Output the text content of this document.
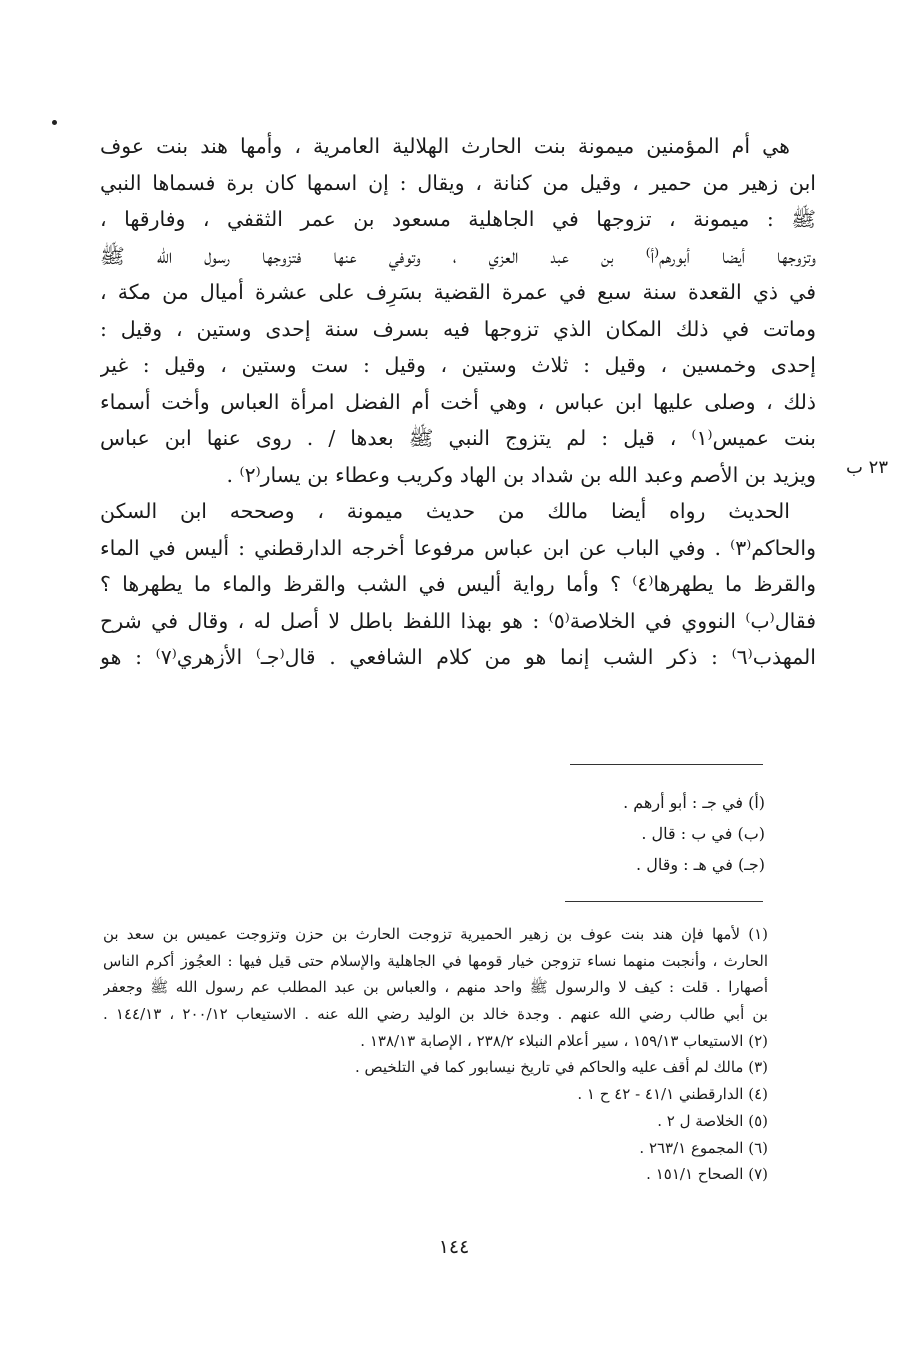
هي أم المؤمنين ميمونة بنت الحارث الهلالية العامرية ، وأمها هند بنت عوف
ابن زهير من حمير ، وقيل من كنانة ، ويقال : إن اسمها كان برة فسماها النبي
ﷺ : ميمونة ، تزوجها في الجاهلية مسعود بن عمر الثقفي ، وفارقها ،
وتزوجها أيضا أبورهم⁽أ⁾ بن عبد العزي ، وتوفي عنها فتزوجها رسول الله ﷺ
في ذي القعدة سنة سبع في عمرة القضية بسَرِف على عشرة أميال من مكة ،
وماتت في ذلك المكان الذي تزوجها فيه بسرف سنة إحدى وستين ، وقيل :
إحدى وخمسين ، وقيل : ثلاث وستين ، وقيل : ست وستين ، وقيل : غير
ذلك ، وصلى عليها ابن عباس ، وهي أخت أم الفضل امرأة العباس وأخت أسماء
بنت عميس⁽١⁾ ، قيل : لم يتزوج النبي ﷺ بعدها / . روى عنها ابن عباس
ويزيد بن الأصم وعبد الله بن شداد بن الهاد وكريب وعطاء بن يسار⁽٢⁾ .
الحديث رواه أيضا مالك من حديث ميمونة ، وصححه ابن السكن
والحاكم⁽٣⁾ . وفي الباب عن ابن عباس مرفوعا أخرجه الدارقطني : أليس في الماء
والقرظ ما يطهرها⁽٤⁾ ؟ وأما رواية أليس في الشب والقرظ والماء ما يطهرها ؟
فقال⁽ب⁾ النووي في الخلاصة⁽٥⁾ : هو بهذا اللفظ باطل لا أصل له ، وقال في شرح
المهذب⁽٦⁾ : ذكر الشب إنما هو من كلام الشافعي . قال⁽جـ⁾ الأزهري⁽٧⁾ : هو
٢٣ ب
(أ) في جـ : أبو أرهم .
(ب) في ب : قال .
(جـ) في هـ : وقال .
(١) لأمها فإن هند بنت عوف بن زهير الحميرية تزوجت الحارث بن حزن وتزوجت عميس بن سعد بن
الحارث ، وأنجبت منهما نساء تزوجن خيار قومها في الجاهلية والإسلام حتى قيل فيها : العجُوز أكرم الناس
أصهارا . قلت : كيف لا والرسول ﷺ واحد منهم ، والعباس بن عبد المطلب عم رسول الله ﷺ وجعفر
بن أبي طالب رضي الله عنهم . وجدة خالد بن الوليد رضي الله عنه . الاستيعاب ٢٠٠/١٢ ، ١٤٤/١٣ .
(٢) الاستيعاب ١٥٩/١٣ ، سير أعلام النبلاء ٢٣٨/٢ ، الإصابة ١٣٨/١٣ .
(٣) مالك لم أقف عليه والحاكم في تاريخ نيسابور كما في التلخيص .
(٤) الدارقطني ٤١/١ - ٤٢ ح ١ .
(٥) الخلاصة ل ٢ .
(٦) المجموع ٢٦٣/١ .
(٧) الصحاح ١٥١/١ .
١٤٤
